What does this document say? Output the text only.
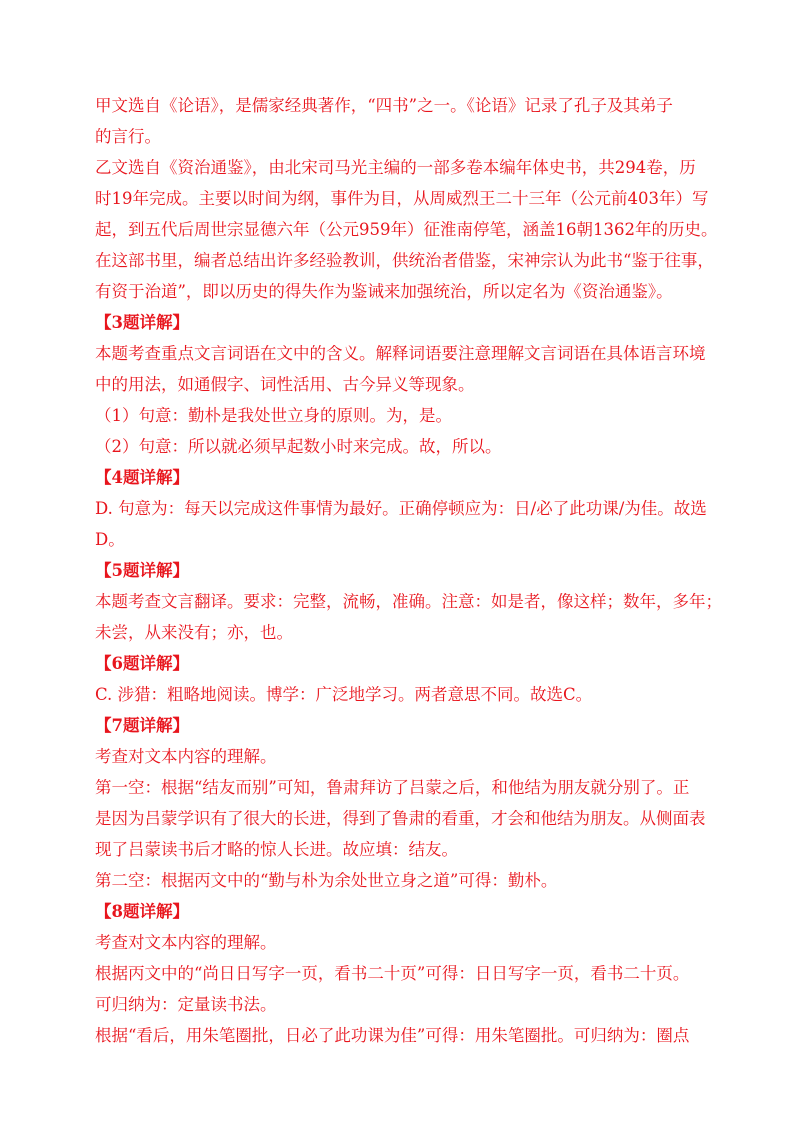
甲文选自《论语》，是儒家经典著作，“四书”之一。《论语》记录了孔子及其弟子
的言行。
乙文选自《资治通鉴》，由北宋司马光主编的一部多卷本编年体史书，共294卷，历
时19年完成。主要以时间为纲，事件为目，从周威烈王二十三年（公元前403年）写
起，到五代后周世宗显德六年（公元959年）征淮南停笔，涵盖16朝1362年的历史。
在这部书里，编者总结出许多经验教训，供统治者借鉴，宋神宗认为此书“鉴于往事，
有资于治道”，即以历史的得失作为鉴诫来加强统治，所以定名为《资治通鉴》。
【3题详解】
本题考查重点文言词语在文中的含义。解释词语要注意理解文言词语在具体语言环境
中的用法，如通假字、词性活用、古今异义等现象。
（1）句意：勤朴是我处世立身的原则。为，是。
（2）句意：所以就必须早起数小时来完成。故，所以。
【4题详解】
D. 句意为：每天以完成这件事情为最好。正确停顿应为：日/必了此功课/为佳。故选
D。
【5题详解】
本题考查文言翻译。要求：完整，流畅，准确。注意：如是者，像这样；数年，多年；
未尝，从来没有；亦，也。
【6题详解】
C. 涉猎：粗略地阅读。博学：广泛地学习。两者意思不同。故选C。
【7题详解】
考查对文本内容的理解。
第一空：根据“结友而别”可知，鲁肃拜访了吕蒙之后，和他结为朋友就分别了。正
是因为吕蒙学识有了很大的长进，得到了鲁肃的看重，才会和他结为朋友。从侧面表
现了吕蒙读书后才略的惊人长进。故应填：结友。
第二空：根据丙文中的“勤与朴为余处世立身之道”可得：勤朴。
【8题详解】
考查对文本内容的理解。
根据丙文中的“尚日日写字一页，看书二十页”可得：日日写字一页，看书二十页。
可归纳为：定量读书法。
根据“看后，用朱笔圈批，日必了此功课为佳”可得：用朱笔圈批。可归纳为：圈点
